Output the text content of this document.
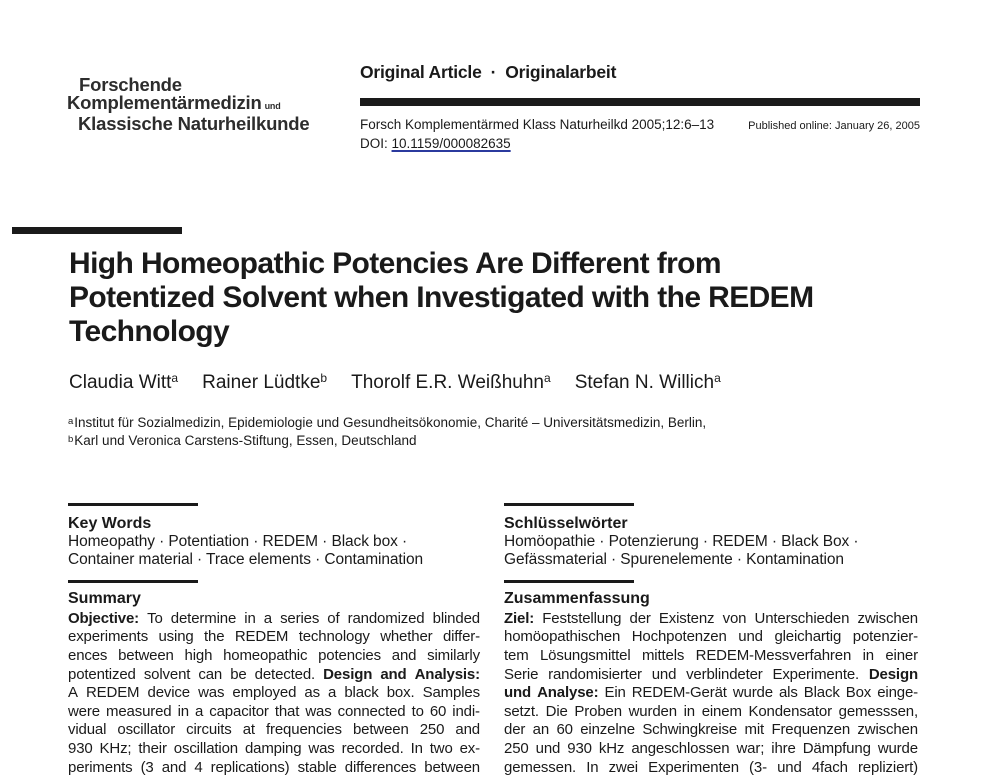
Forschende
Komplementärmedizin und
Klassische Naturheilkunde
Original Article · Originalarbeit
Forsch Komplementärmed Klass Naturheilkd 2005;12:6–13	Published online: January 26, 2005
DOI: 10.1159/000082635
High Homeopathic Potencies Are Different from
Potentized Solvent when Investigated with the REDEM
Technology
Claudia Witt$^a$ Rainer Lüdtke$^b$ Thorolf E.R. Weißhuhn$^a$ Stefan N. Willich$^a$
$^a$Institut für Sozialmedizin, Epidemiologie und Gesundheitsökonomie, Charité – Universitätsmedizin, Berlin,
$^b$Karl und Veronica Carstens-Stiftung, Essen, Deutschland
Key Words
Homeopathy · Potentiation · REDEM · Black box ·
Container material · Trace elements · Contamination
Summary
Objective: To determine in a series of randomized blinded
experiments using the REDEM technology whether differ-
ences between high homeopathic potencies and similarly
potentized solvent can be detected. Design and Analysis:
A REDEM device was employed as a black box. Samples
were measured in a capacitor that was connected to 60 indi-
vidual oscillator circuits at frequencies between 250 and
930 KHz; their oscillation damping was recorded. In two ex-
periments (3 and 4 replications) stable differences between
Schlüsselwörter
Homöopathie · Potenzierung · REDEM · Black Box ·
Gefässmaterial · Spurenelemente · Kontamination
Zusammenfassung
Ziel: Feststellung der Existenz von Unterschieden zwischen
homöopathischen Hochpotenzen und gleichartig potenzier-
tem Lösungsmittel mittels REDEM-Messverfahren in einer
Serie randomisierter und verblindeter Experimente. Design
und Analyse: Ein REDEM-Gerät wurde als Black Box einge-
setzt. Die Proben wurden in einem Kondensator gemesssen,
der an 60 einzelne Schwingkreise mit Frequenzen zwischen
250 und 930 kHz angeschlossen war; ihre Dämpfung wurde
gemessen. In zwei Experimenten (3- und 4fach repliziert)
